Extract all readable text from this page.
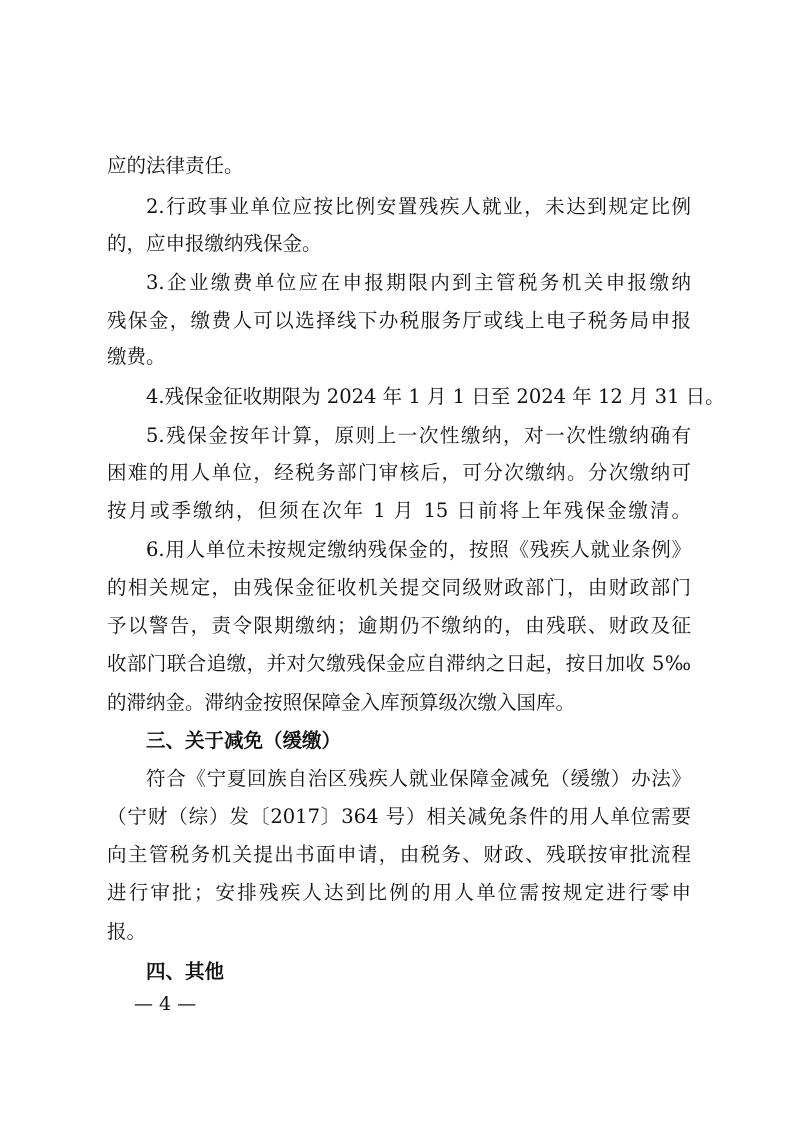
应的法律责任。
2.行政事业单位应按比例安置残疾人就业，未达到规定比例
的，应申报缴纳残保金。
3.企业缴费单位应在申报期限内到主管税务机关申报缴纳
残保金，缴费人可以选择线下办税服务厅或线上电子税务局申报
缴费。
4.残保金征收期限为 2024 年 1 月 1 日至 2024 年 12 月 31 日。
5.残保金按年计算，原则上一次性缴纳，对一次性缴纳确有
困难的用人单位，经税务部门审核后，可分次缴纳。分次缴纳可
按月或季缴纳，但须在次年 1 月 15 日前将上年残保金缴清。
6.用人单位未按规定缴纳残保金的，按照《残疾人就业条例》
的相关规定，由残保金征收机关提交同级财政部门，由财政部门
予以警告，责令限期缴纳；逾期仍不缴纳的，由残联、财政及征
收部门联合追缴，并对欠缴残保金应自滞纳之日起，按日加收 5‰
的滞纳金。滞纳金按照保障金入库预算级次缴入国库。
三、关于减免（缓缴）
符合《宁夏回族自治区残疾人就业保障金减免（缓缴）办法》
（宁财（综）发〔2017〕364 号）相关减免条件的用人单位需要
向主管税务机关提出书面申请，由税务、财政、残联按审批流程
进行审批；安排残疾人达到比例的用人单位需按规定进行零申
报。
四、其他
— 4 —
